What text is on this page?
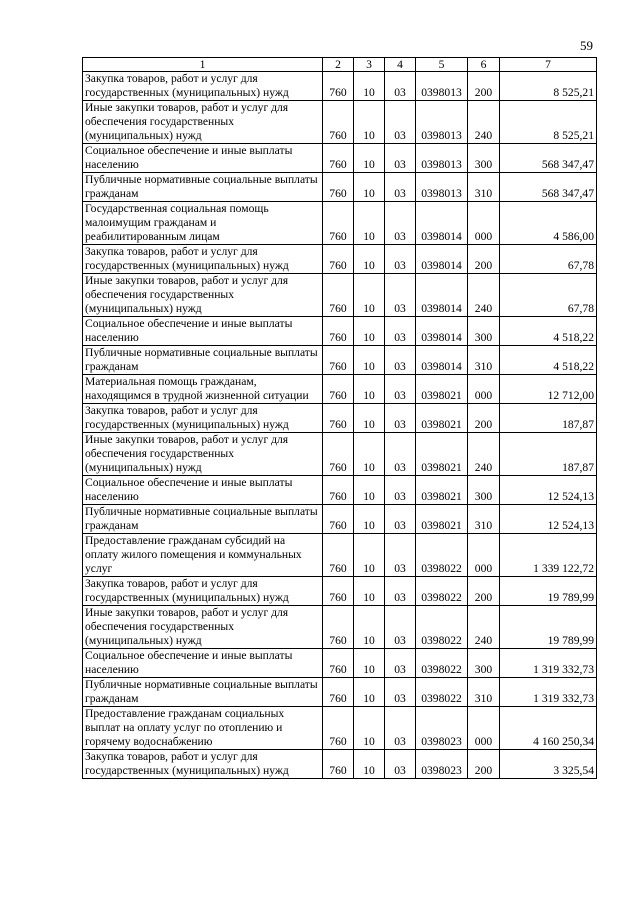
59
1	2	3	4	5	6	7
Закупка товаров, работ и услуг для государственных (муниципальных) нужд	760	10	03	0398013	200	8 525,21
Иные закупки товаров, работ и услуг для обеспечения государственных (муниципальных) нужд	760	10	03	0398013	240	8 525,21
Социальное обеспечение и иные выплаты населению	760	10	03	0398013	300	568 347,47
Публичные нормативные социальные выплаты гражданам	760	10	03	0398013	310	568 347,47
Государственная социальная помощь малоимущим гражданам и реабилитированным лицам	760	10	03	0398014	000	4 586,00
Закупка товаров, работ и услуг для государственных (муниципальных) нужд	760	10	03	0398014	200	67,78
Иные закупки товаров, работ и услуг для обеспечения государственных (муниципальных) нужд	760	10	03	0398014	240	67,78
Социальное обеспечение и иные выплаты населению	760	10	03	0398014	300	4 518,22
Публичные нормативные социальные выплаты гражданам	760	10	03	0398014	310	4 518,22
Материальная помощь гражданам, находящимся в трудной жизненной ситуации	760	10	03	0398021	000	12 712,00
Закупка товаров, работ и услуг для государственных (муниципальных) нужд	760	10	03	0398021	200	187,87
Иные закупки товаров, работ и услуг для обеспечения государственных (муниципальных) нужд	760	10	03	0398021	240	187,87
Социальное обеспечение и иные выплаты населению	760	10	03	0398021	300	12 524,13
Публичные нормативные социальные выплаты гражданам	760	10	03	0398021	310	12 524,13
Предоставление гражданам субсидий на оплату жилого помещения и коммунальных услуг	760	10	03	0398022	000	1 339 122,72
Закупка товаров, работ и услуг для государственных (муниципальных) нужд	760	10	03	0398022	200	19 789,99
Иные закупки товаров, работ и услуг для обеспечения государственных (муниципальных) нужд	760	10	03	0398022	240	19 789,99
Социальное обеспечение и иные выплаты населению	760	10	03	0398022	300	1 319 332,73
Публичные нормативные социальные выплаты гражданам	760	10	03	0398022	310	1 319 332,73
Предоставление гражданам социальных выплат на оплату услуг по отоплению и горячему водоснабжению	760	10	03	0398023	000	4 160 250,34
Закупка товаров, работ и услуг для государственных (муниципальных) нужд	760	10	03	0398023	200	3 325,54
